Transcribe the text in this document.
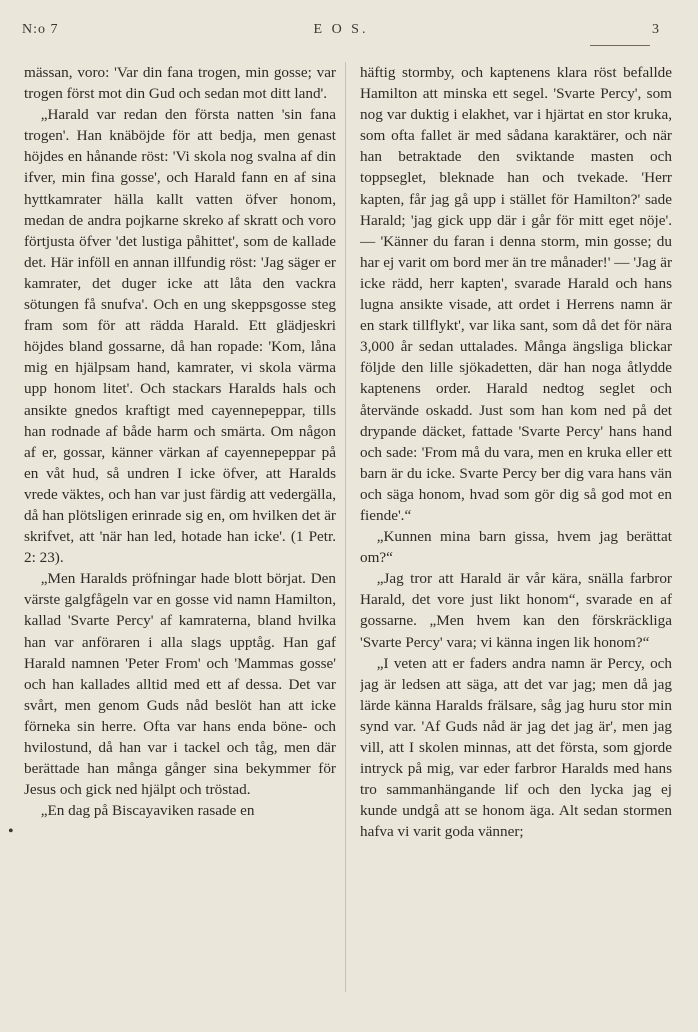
N:o 7	E O S.	3

mässan, voro: 'Var din fana trogen, min gosse; var trogen först mot din Gud och sedan mot ditt land'.

„Harald var redan den första natten 'sin fana trogen'. Han knäböjde för att bedja, men genast höjdes en hånande röst: 'Vi skola nog svalna af din ifver, min fina gosse', och Harald fann en af sina hyttkamrater hälla kallt vatten öfver honom, medan de andra pojkarne skreko af skratt och voro förtjusta öfver 'det lustiga påhittet', som de kallade det. Här inföll en annan illfundig röst: 'Jag säger er kamrater, det duger icke att låta den vackra sötungen få snufva'. Och en ung skeppsgosse steg fram som för att rädda Harald. Ett glädjeskri höjdes bland gossarne, då han ropade: 'Kom, låna mig en hjälpsam hand, kamrater, vi skola värma upp honom litet'. Och stackars Haralds hals och ansikte gnedos kraftigt med cayennepeppar, tills han rodnade af både harm och smärta. Om någon af er, gossar, känner värkan af cayennepeppar på en våt hud, så undren I icke öfver, att Haralds vrede väktes, och han var just färdig att vedergälla, då han plötsligen erinrade sig en, om hvilken det är skrifvet, att 'när han led, hotade han icke'. (1 Petr. 2: 23).

„Men Haralds pröfningar hade blott börjat. Den värste galgfågeln var en gosse vid namn Hamilton, kallad 'Svarte Percy' af kamraterna, bland hvilka han var anföraren i alla slags upptåg. Han gaf Harald namnen 'Peter From' och 'Mammas gosse' och han kallades alltid med ett af dessa. Det var svårt, men genom Guds nåd beslöt han att icke förneka sin herre. Ofta var hans enda böne- och hvilostund, då han var i tackel och tåg, men där berättade han många gånger sina bekymmer för Jesus och gick ned hjälpt och tröstad.

„En dag på Biscayaviken rasade en

häftig stormby, och kaptenens klara röst befallde Hamilton att minska ett segel. 'Svarte Percy', som nog var duktig i elakhet, var i hjärtat en stor kruka, som ofta fallet är med sådana karaktärer, och när han betraktade den sviktande masten och toppseglet, bleknade han och tvekade. 'Herr kapten, får jag gå upp i stället för Hamilton?' sade Harald; 'jag gick upp där i går för mitt eget nöje'. — 'Känner du faran i denna storm, min gosse; du har ej varit om bord mer än tre månader!' — 'Jag är icke rädd, herr kapten', svarade Harald och hans lugna ansikte visade, att ordet i Herrens namn är en stark tillflykt', var lika sant, som då det för nära 3,000 år sedan uttalades. Många ängsliga blickar följde den lille sjökadetten, där han noga åtlydde kaptenens order. Harald nedtog seglet och återvände oskadd. Just som han kom ned på det drypande däcket, fattade 'Svarte Percy' hans hand och sade: 'From må du vara, men en kruka eller ett barn är du icke. Svarte Percy ber dig vara hans vän och säga honom, hvad som gör dig så god mot en fiende'.“

„Kunnen mina barn gissa, hvem jag berättat om?“

„Jag tror att Harald är vår kära, snälla farbror Harald, det vore just likt honom“, svarade en af gossarne. „Men hvem kan den förskräckliga 'Svarte Percy' vara; vi känna ingen lik honom?“

„I veten att er faders andra namn är Percy, och jag är ledsen att säga, att det var jag; men då jag lärde känna Haralds frälsare, såg jag huru stor min synd var. 'Af Guds nåd är jag det jag är', men jag vill, att I skolen minnas, att det första, som gjorde intryck på mig, var eder farbror Haralds med hans tro sammanhängande lif och den lycka jag ej kunde undgå att se honom äga. Alt sedan stormen hafva vi varit goda vänner;

•
